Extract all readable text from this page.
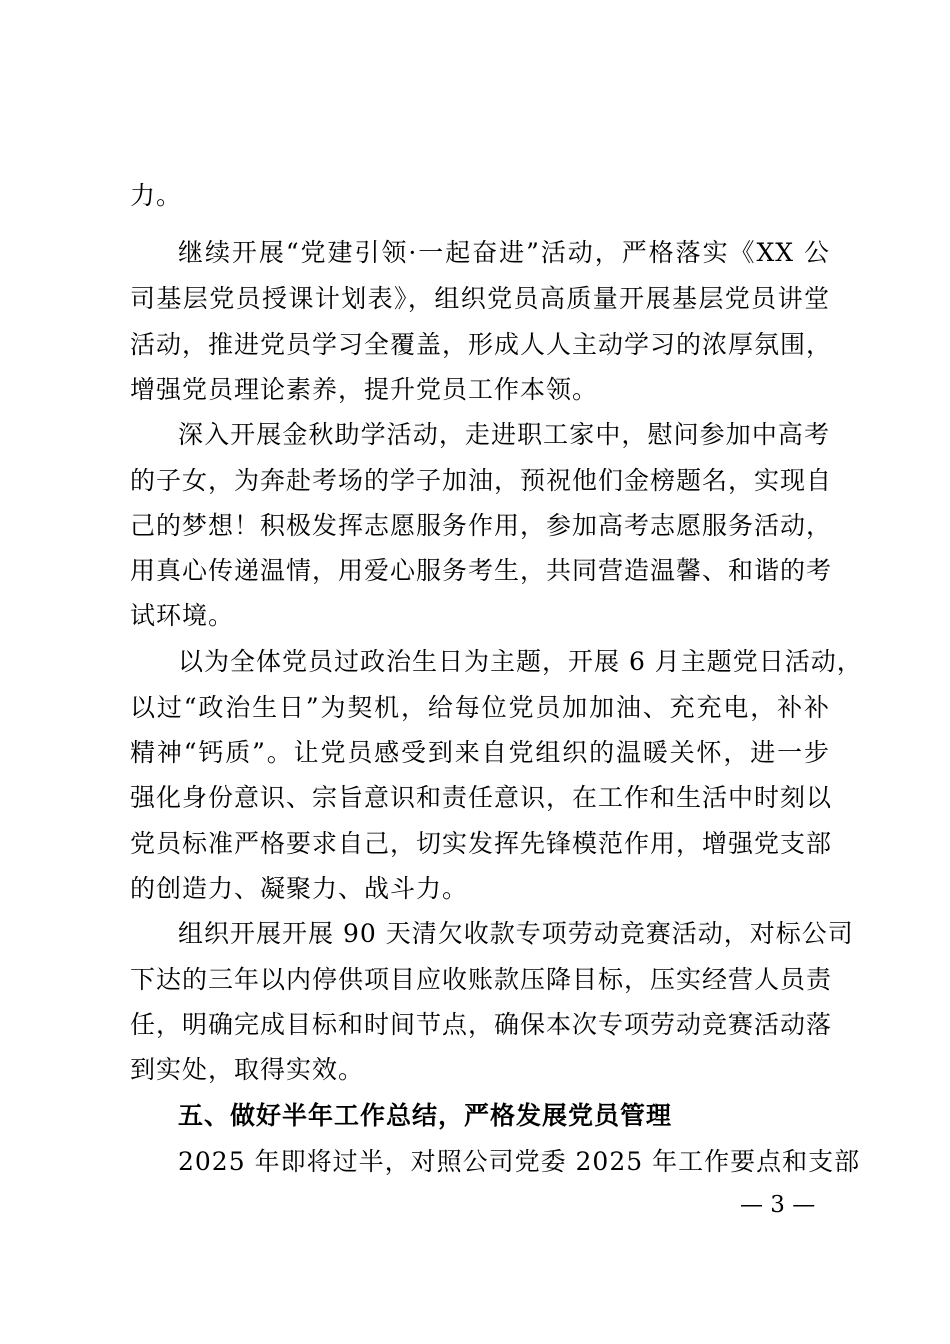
力。
继续开展“党建引领·一起奋进”活动，严格落实《XX 公
司基层党员授课计划表》，组织党员高质量开展基层党员讲堂
活动，推进党员学习全覆盖，形成人人主动学习的浓厚氛围，
增强党员理论素养，提升党员工作本领。
深入开展金秋助学活动，走进职工家中，慰问参加中高考
的子女，为奔赴考场的学子加油，预祝他们金榜题名，实现自
己的梦想！积极发挥志愿服务作用，参加高考志愿服务活动，
用真心传递温情，用爱心服务考生，共同营造温馨、和谐的考
试环境。
以为全体党员过政治生日为主题，开展 6 月主题党日活动，
以过“政治生日”为契机，给每位党员加加油、充充电，补补
精神“钙质”。让党员感受到来自党组织的温暖关怀，进一步
强化身份意识、宗旨意识和责任意识，在工作和生活中时刻以
党员标准严格要求自己，切实发挥先锋模范作用，增强党支部
的创造力、凝聚力、战斗力。
组织开展开展 90 天清欠收款专项劳动竞赛活动，对标公司
下达的三年以内停供项目应收账款压降目标，压实经营人员责
任，明确完成目标和时间节点，确保本次专项劳动竞赛活动落
到实处，取得实效。
五、做好半年工作总结，严格发展党员管理
2025 年即将过半，对照公司党委 2025 年工作要点和支部
— 3 —
